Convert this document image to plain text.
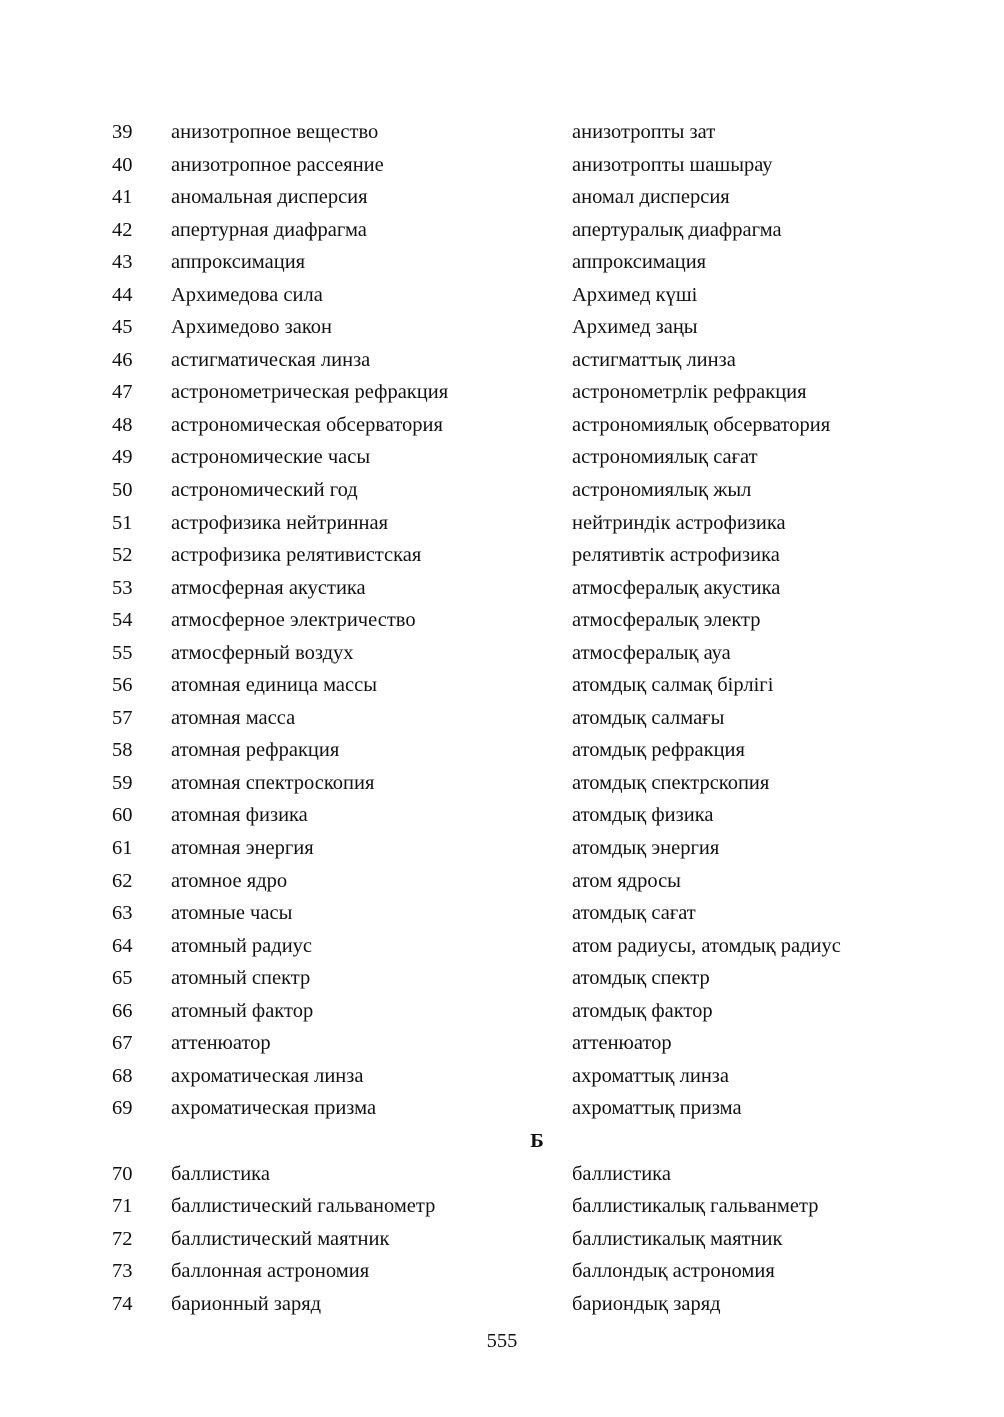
39 анизотропное вещество	анизотропты зат
40 анизотропное рассеяние	анизотропты шашырау
41 аномальная дисперсия	аномал дисперсия
42 апертурная диафрагма	апертуралық диафрагма
43 аппроксимация	аппроксимация
44 Архимедова сила	Архимед күші
45 Архимедово закон	Архимед заңы
46 астигматическая линза	астигматтық линза
47 астронометрическая рефракция	астронометрлік рефракция
48 астрономическая обсерватория	астрономиялық обсерватория
49 астрономические часы	астрономиялық сағат
50 астрономический год	астрономиялық жыл
51 астрофизика нейтринная	нейтриндік астрофизика
52 астрофизика релятивистская	релятивтік астрофизика
53 атмосферная акустика	атмосфералық акустика
54 атмосферное электричество	атмосфералық электр
55 атмосферный воздух	атмосфералық ауа
56 атомная единица массы	атомдық салмақ бірлігі
57 атомная масса	атомдық салмағы
58 атомная рефракция	атомдық рефракция
59 атомная спектроскопия	атомдық спектрскопия
60 атомная физика	атомдық физика
61 атомная энергия	атомдық энергия
62 атомное ядро	атом ядросы
63 атомные часы	атомдық сағат
64 атомный радиус	атом радиусы, атомдық радиус
65 атомный спектр	атомдық спектр
66 атомный фактор	атомдық фактор
67 аттенюатор	аттенюатор
68 ахроматическая линза	ахроматтық линза
69 ахроматическая призма	ахроматтық призма
Б
70 баллистика	баллистика
71 баллистический гальванометр	баллистикалық гальванметр
72 баллистический маятник	баллистикалық маятник
73 баллонная астрономия	баллондық астрономия
74 барионный заряд	бариондық заряд
555
